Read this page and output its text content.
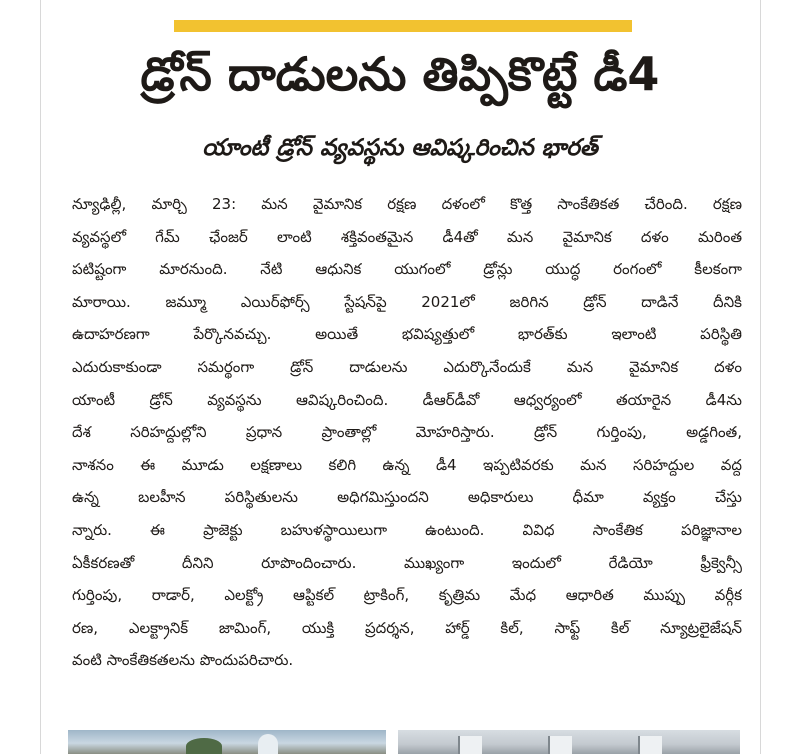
డ్రోన్ దాడులను తిప్పికొట్టే డీ4
యాంటీ డ్రోన్ వ్యవస్థను ఆవిష్కరించిన భారత్
న్యూఢిల్లీ, మార్చి 23: మన వైమానిక రక్షణ దళంలో కొత్త సాంకేతికత చేరింది. రక్షణ
వ్యవస్థలో గేమ్ ఛేంజర్ లాంటి శక్తివంతమైన డీ4తో మన వైమానిక దళం మరింత
పటిష్టంగా మారనుంది. నేటి ఆధునిక యుగంలో డ్రోన్లు యుద్ధ రంగంలో కీలకంగా
మారాయి. జమ్మూ ఎయిర్‌ఫోర్స్ స్టేషన్‌పై 2021లో జరిగిన డ్రోన్ దాడినే దీనికి
ఉదాహరణగా పేర్కొనవచ్చు. అయితే భవిష్యత్తులో భారత్‌కు ఇలాంటి పరిస్థితి
ఎదురుకాకుండా సమర్థంగా డ్రోన్ దాడులను ఎదుర్కొనేందుకే మన వైమానిక దళం
యాంటీ డ్రోన్ వ్యవస్థను ఆవిష్కరించింది. డీఆర్‌డీవో ఆధ్వర్యంలో తయారైన డీ4ను
దేశ సరిహద్దుల్లోని ప్రధాన ప్రాంతాల్లో మోహరిస్తారు. డ్రోన్ గుర్తింపు, అడ్డగింత,
నాశనం ఈ మూడు లక్షణాలు కలిగి ఉన్న డీ4 ఇప్పటివరకు మన సరిహద్దుల వద్ద
ఉన్న బలహీన పరిస్థితులను అధిగమిస్తుందని అధికారులు ధీమా వ్యక్తం చేస్తు
న్నారు. ఈ ప్రాజెక్టు బహుళస్థాయిలుగా ఉంటుంది. వివిధ సాంకేతిక పరిజ్ఞానాల
ఏకీకరణతో దీనిని రూపొందించారు. ముఖ్యంగా ఇందులో రేడియో ఫ్రీక్వెన్సీ
గుర్తింపు, రాడార్, ఎలక్ట్రో ఆప్టికల్ ట్రాకింగ్, కృత్రిమ మేధ ఆధారిత ముప్పు వర్గీక
రణ, ఎలక్ట్రానిక్ జామింగ్, యుక్తి ప్రదర్శన, హార్డ్ కిల్, సాఫ్ట్ కిల్ న్యూట్రలైజేషన్
వంటి సాంకేతికతలను పొందుపరిచారు.
